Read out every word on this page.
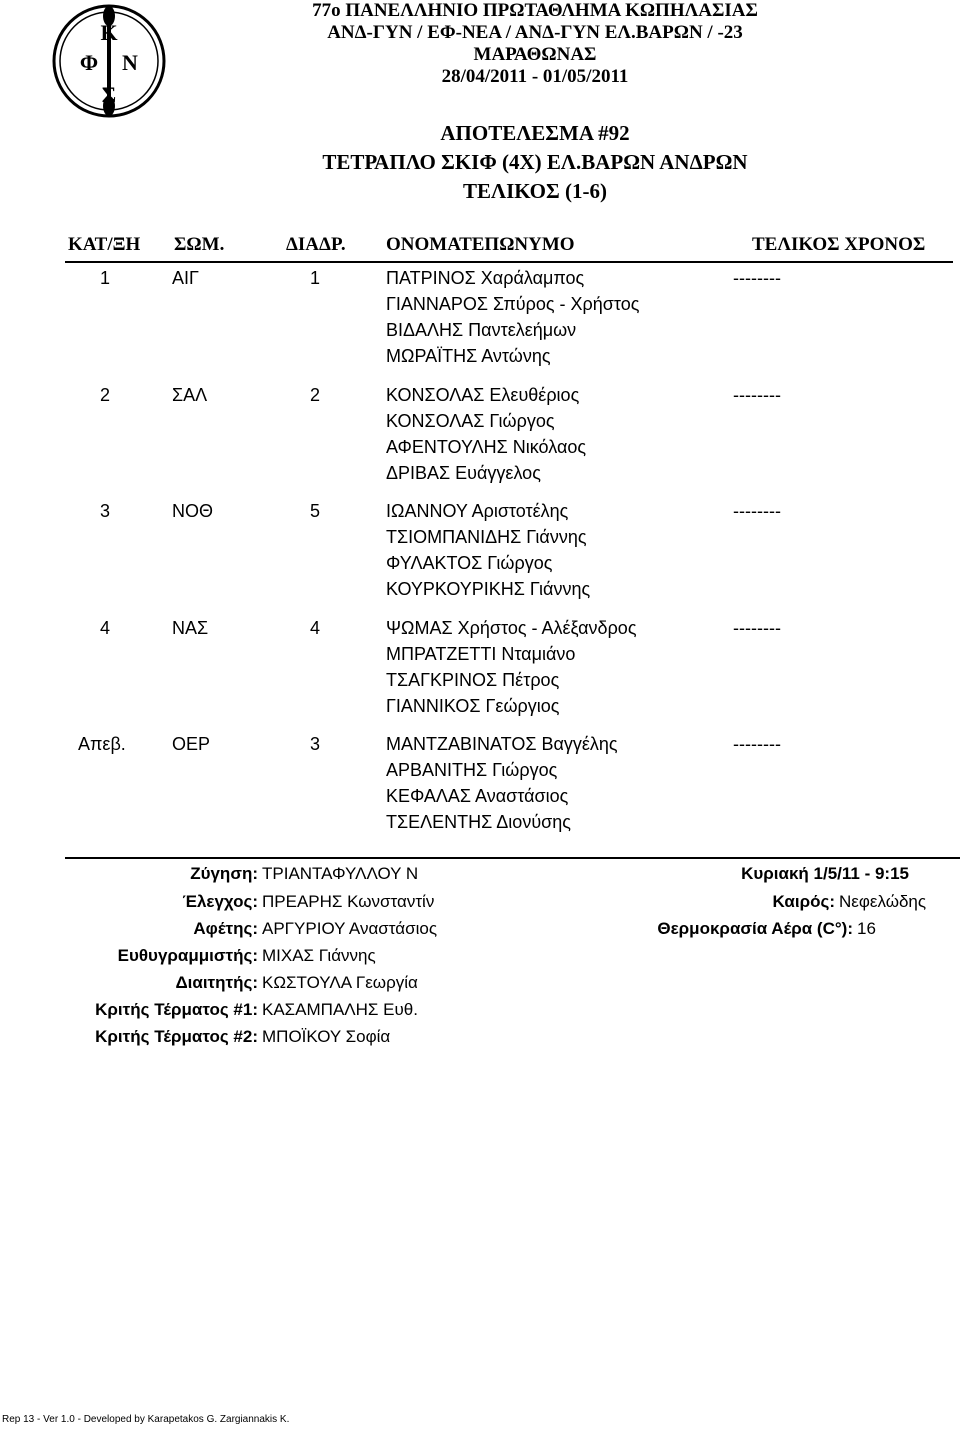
Κ
Φ Ν
Σ
77ο ΠΑΝΕΛΛΗΝΙΟ ΠΡΩΤΑΘΛΗΜΑ ΚΩΠΗΛΑΣΙΑΣ
ΑΝΔ-ΓΥΝ / ΕΦ-ΝΕΑ / ΑΝΔ-ΓΥΝ ΕΛ.ΒΑΡΩΝ / -23
ΜΑΡΑΘΩΝΑΣ
28/04/2011 - 01/05/2011
ΑΠΟΤΕΛΕΣΜΑ #92
ΤΕΤΡΑΠΛΟ ΣΚΙΦ (4Χ) ΕΛ.ΒΑΡΩΝ ΑΝΔΡΩΝ
ΤΕΛΙΚΟΣ (1-6)
ΚΑΤ/ΞΗ ΣΩΜ.	ΔΙΑΔΡ. ΟΝΟΜΑΤΕΠΩΝΥΜΟ	ΤΕΛΙΚΟΣ ΧΡΟΝΟΣ
1	ΑΙΓ	1	ΠΑΤΡΙΝΟΣ Χαράλαμπος
ΓΙΑΝΝΑΡΟΣ Σπύρος - Χρήστος
ΒΙΔΑΛΗΣ Παντελεήμων
ΜΩΡΑΪΤΗΣ Αντώνης
--------
2	ΣΑΛ	2	ΚΟΝΣΟΛΑΣ Ελευθέριος
ΚΟΝΣΟΛΑΣ Γιώργος
ΑΦΕΝΤΟΥΛΗΣ Νικόλαος
ΔΡΙΒΑΣ Ευάγγελος
--------
3	ΝΟΘ	5	ΙΩΑΝΝΟΥ Αριστοτέλης
ΤΣΙΟΜΠΑΝΙΔΗΣ Γιάννης
ΦΥΛΑΚΤΟΣ Γιώργος
ΚΟΥΡΚΟΥΡΙΚΗΣ Γιάννης
--------
4	ΝΑΣ	4	ΨΩΜΑΣ Χρήστος - Αλέξανδρος
ΜΠΡΑΤΖΕΤΤΙ Νταμιάνο
ΤΣΑΓΚΡΙΝΟΣ Πέτρος
ΓΙΑΝΝΙΚΟΣ Γεώργιος
--------
Απεβ.	ΟΕΡ	3	ΜΑΝΤΖΑΒΙΝΑΤΟΣ Βαγγέλης
ΑΡΒΑΝΙΤΗΣ Γιώργος
ΚΕΦΑΛΑΣ Αναστάσιος
ΤΣΕΛΕΝΤΗΣ Διονύσης
--------
Ζύγηση: ΤΡΙΑΝΤΑΦΥΛΛΟΥ Ν
Έλεγχος: ΠΡΕΑΡΗΣ Κωνσταντίν
Αφέτης: ΑΡΓΥΡΙΟΥ Αναστάσιος
Ευθυγραμμιστής: ΜΙΧΑΣ Γιάννης
Διαιτητής: ΚΩΣΤΟΥΛΑ Γεωργία
Κριτής Τέρματος #1: ΚΑΣΑΜΠΑΛΗΣ Ευθ.
Κριτής Τέρματος #2: ΜΠΟΪΚΟΥ Σοφία
Κυριακή 1/5/11 - 9:15
Καιρός: Νεφελώδης
Θερμοκρασία Αέρα (C°): 16
Rep 13 - Ver 1.0 - Developed by Karapetakos G. Zargiannakis K.
